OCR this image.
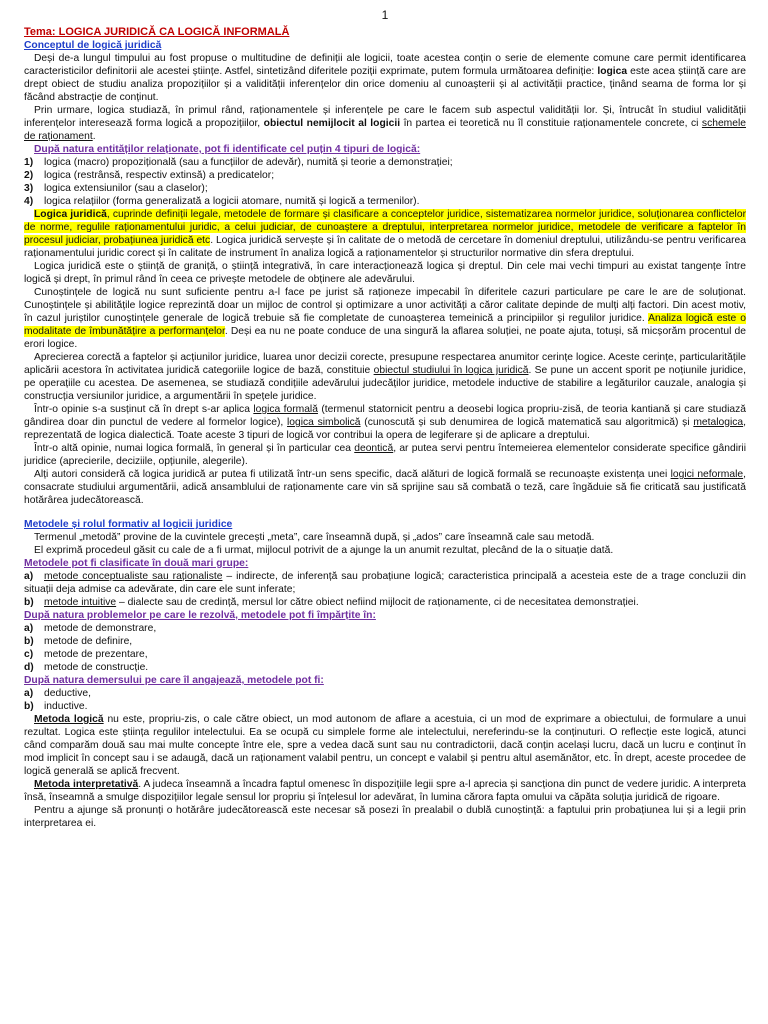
1
Tema: LOGICA JURIDICĂ CA LOGICĂ INFORMALĂ
Conceptul de logică juridică

Deși de-a lungul timpului au fost propuse o multitudine de definiții ale logicii, toate acestea conțin o serie de elemente comune care permit identificarea caracteristicilor definitorii ale acestei științe. Astfel, sintetizând diferitele poziții exprimate, putem formula următoarea definiție: logica este acea știință care are drept obiect de studiu analiza propozițiilor și a validității inferențelor din orice domeniu al cunoașterii și al activității practice, ținând seama de forma lor și făcând abstracție de conținut.

Prin urmare, logica studiază, în primul rând, raționamentele și inferențele pe care le facem sub aspectul validității lor. Și, întrucât în studiul validității inferențelor interesează forma logică a propozițiilor, obiectul nemijlocit al logicii în partea ei teoretică nu îl constituie raționamentele concrete, ci schemele de raționament.

După natura entităților relaționate, pot fi identificate cel puțin 4 tipuri de logică:
1) logica (macro) propozițională (sau a funcțiilor de adevăr), numită și teorie a demonstrației;
2) logica (restrânsă, respectiv extinsă) a predicatelor;
3) logica extensiunilor (sau a claselor);
4) logica relațiilor (forma generalizată a logicii atomare, numită și logică a termenilor).

Logica juridică, cuprinde definiții legale, metodele de formare și clasificare a conceptelor juridice, sistematizarea normelor juridice, soluționarea conflictelor de norme, regulile raționamentului juridic, a celui judiciar, de cunoaștere a dreptului, interpretarea normelor juridice, metodele de verificare a faptelor în procesul judiciar, probațiunea juridică etc. Logica juridică servește și în calitate de o metodă de cercetare în domeniul dreptului, utilizându-se pentru verificarea raționamentului juridic corect și în calitate de instrument în analiza logică a raționamentelor și structurilor normative din sfera dreptului.

Logica juridică este o știință de graniță, o știință integrativă, în care interacționează logica și dreptul. Din cele mai vechi timpuri au existat tangențe între logică și drept, în primul rând în ceea ce privește metodele de obținere ale adevărului.

Cunoștințele de logică nu sunt suficiente pentru a-l face pe jurist să raționeze impecabil în diferitele cazuri particulare pe care le are de soluționat. Cunoștințele și abilitățile logice reprezintă doar un mijloc de control și optimizare a unor activități a căror calitate depinde de mulți alți factori. Din acest motiv, în cazul juriștilor cunoștințele generale de logică trebuie să fie completate de cunoașterea temeinică a principiilor și regulilor juridice. Analiza logică este o modalitate de îmbunătățire a performanțelor. Deși ea nu ne poate conduce de una singură la aflarea soluției, ne poate ajuta, totuși, să micșorăm procentul de erori logice.

Aprecierea corectă a faptelor și acțiunilor juridice, luarea unor decizii corecte, presupune respectarea anumitor cerințe logice. Aceste cerințe, particularitățile aplicării acestora în activitatea juridică categoriile logice de bază, constituie obiectul studiului în logica juridică. Se pune un accent sporit pe noțiunile juridice, pe operațiile cu acestea. De asemenea, se studiază condițiile adevărului judecăților juridice, metodele inductive de stabilire a legăturilor cauzale, analogia și construcția versiunilor juridice, a argumentării în spețele juridice.

Într-o opinie s-a susținut că în drept s-ar aplica logica formală (termenul statornicit pentru a deosebi logica propriu-zisă, de teoria kantiană și care studiază gândirea doar din punctul de vedere al formelor logice), logica simbolică (cunoscută și sub denumirea de logică matematică sau algoritmică) și metalogica, reprezentată de logica dialectică. Toate aceste 3 tipuri de logică vor contribui la opera de legiferare și de aplicare a dreptului.

Într-o altă opinie, numai logica formală, în general și în particular cea deontică, ar putea servi pentru întemeierea elementelor considerate specifice gândirii juridice (aprecierile, deciziile, opțiunile, alegerile).

Alți autori consideră că logica juridică ar putea fi utilizată într-un sens specific, dacă alături de logică formală se recunoaște existența unei logici neformale, consacrate studiului argumentării, adică ansamblului de raționamente care vin să sprijine sau să combată o teză, care îngăduie să fie criticată sau justificată hotărârea judecătorească.

Metodele și rolul formativ al logicii juridice

Termenul „metodă” provine de la cuvintele grecești „meta”, care înseamnă după, și „ados” care înseamnă cale sau metodă.

El exprimă procedeul găsit cu cale de a fi urmat, mijlocul potrivit de a ajunge la un anumit rezultat, plecând de la o situație dată.

Metodele pot fi clasificate în două mari grupe:

a) metode conceptualiste sau raționaliste – indirecte, de inferență sau probațiune logică; caracteristica principală a acesteia este de a trage concluzii din situații deja admise ca adevărate, din care ele sunt inferate;

b) metode intuitive – dialecte sau de credință, mersul lor către obiect nefiind mijlocit de raționamente, ci de necesitatea demonstrației.

După natura problemelor pe care le rezolvă, metodele pot fi împărțite în:
a) metode de demonstrare,
b) metode de definire,
c) metode de prezentare,
d) metode de construcție.
După natura demersului pe care îl angajează, metodele pot fi:
a) deductive,
b) inductive.

Metoda logică nu este, propriu-zis, o cale către obiect, un mod autonom de aflare a acestuia, ci un mod de exprimare a obiectului, de formulare a unui rezultat. Logica este știința regulilor intelectului. Ea se ocupă cu simplele forme ale intelectului, nereferindu-se la conținuturi. O reflecție este logică, atunci când comparăm două sau mai multe concepte între ele, spre a vedea dacă sunt sau nu contradictorii, dacă conțin același lucru, dacă un lucru e conținut în mod implicit în concept sau i se adaugă, dacă un raționament valabil pentru, un concept e valabil și pentru altul asemănător, etc. În drept, aceste procedee de logică generală se aplică frecvent.

Metoda interpretativă. A judeca înseamnă a încadra faptul omenesc în dispozițiile legii spre a-l aprecia și sancționa din punct de vedere juridic. A interpreta însă, înseamnă a smulge dispozițiilor legale sensul lor propriu și înțelesul lor adevărat, în lumina cărora fapta omului va căpăta soluția juridică de rigoare.

Pentru a ajunge să pronunți o hotărâre judecătorească este necesar să posezi în prealabil o dublă cunoștință: a faptului prin probațiunea lui și a legii prin interpretarea ei.
